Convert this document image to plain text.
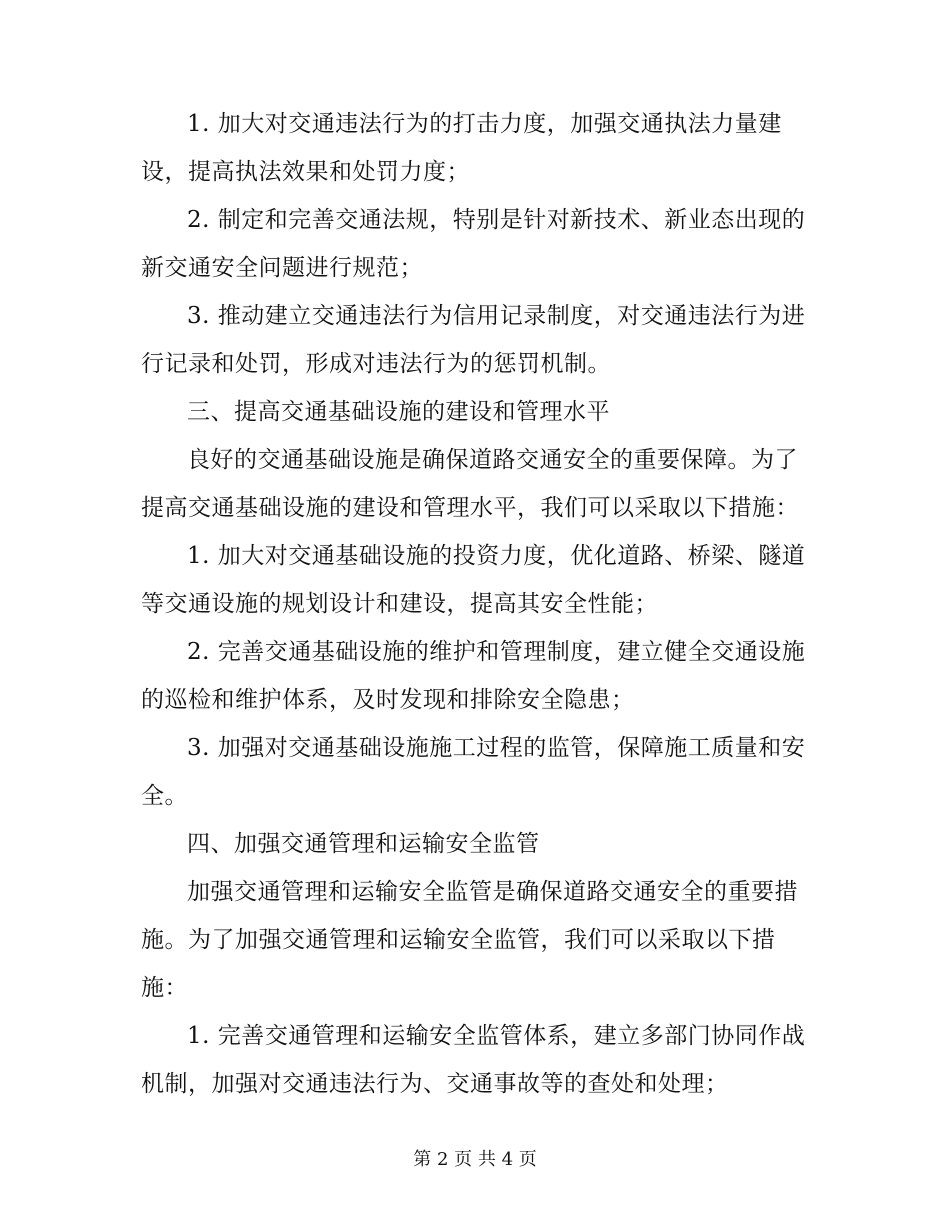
1. 加大对交通违法行为的打击力度，加强交通执法力量建
设，提高执法效果和处罚力度；
2. 制定和完善交通法规，特别是针对新技术、新业态出现的
新交通安全问题进行规范；
3. 推动建立交通违法行为信用记录制度，对交通违法行为进
行记录和处罚，形成对违法行为的惩罚机制。
三、提高交通基础设施的建设和管理水平
良好的交通基础设施是确保道路交通安全的重要保障。为了
提高交通基础设施的建设和管理水平，我们可以采取以下措施：
1. 加大对交通基础设施的投资力度，优化道路、桥梁、隧道
等交通设施的规划设计和建设，提高其安全性能；
2. 完善交通基础设施的维护和管理制度，建立健全交通设施
的巡检和维护体系，及时发现和排除安全隐患；
3. 加强对交通基础设施施工过程的监管，保障施工质量和安
全。
四、加强交通管理和运输安全监管
加强交通管理和运输安全监管是确保道路交通安全的重要措
施。为了加强交通管理和运输安全监管，我们可以采取以下措
施：
1. 完善交通管理和运输安全监管体系，建立多部门协同作战
机制，加强对交通违法行为、交通事故等的查处和处理；
第 2 页 共 4 页
